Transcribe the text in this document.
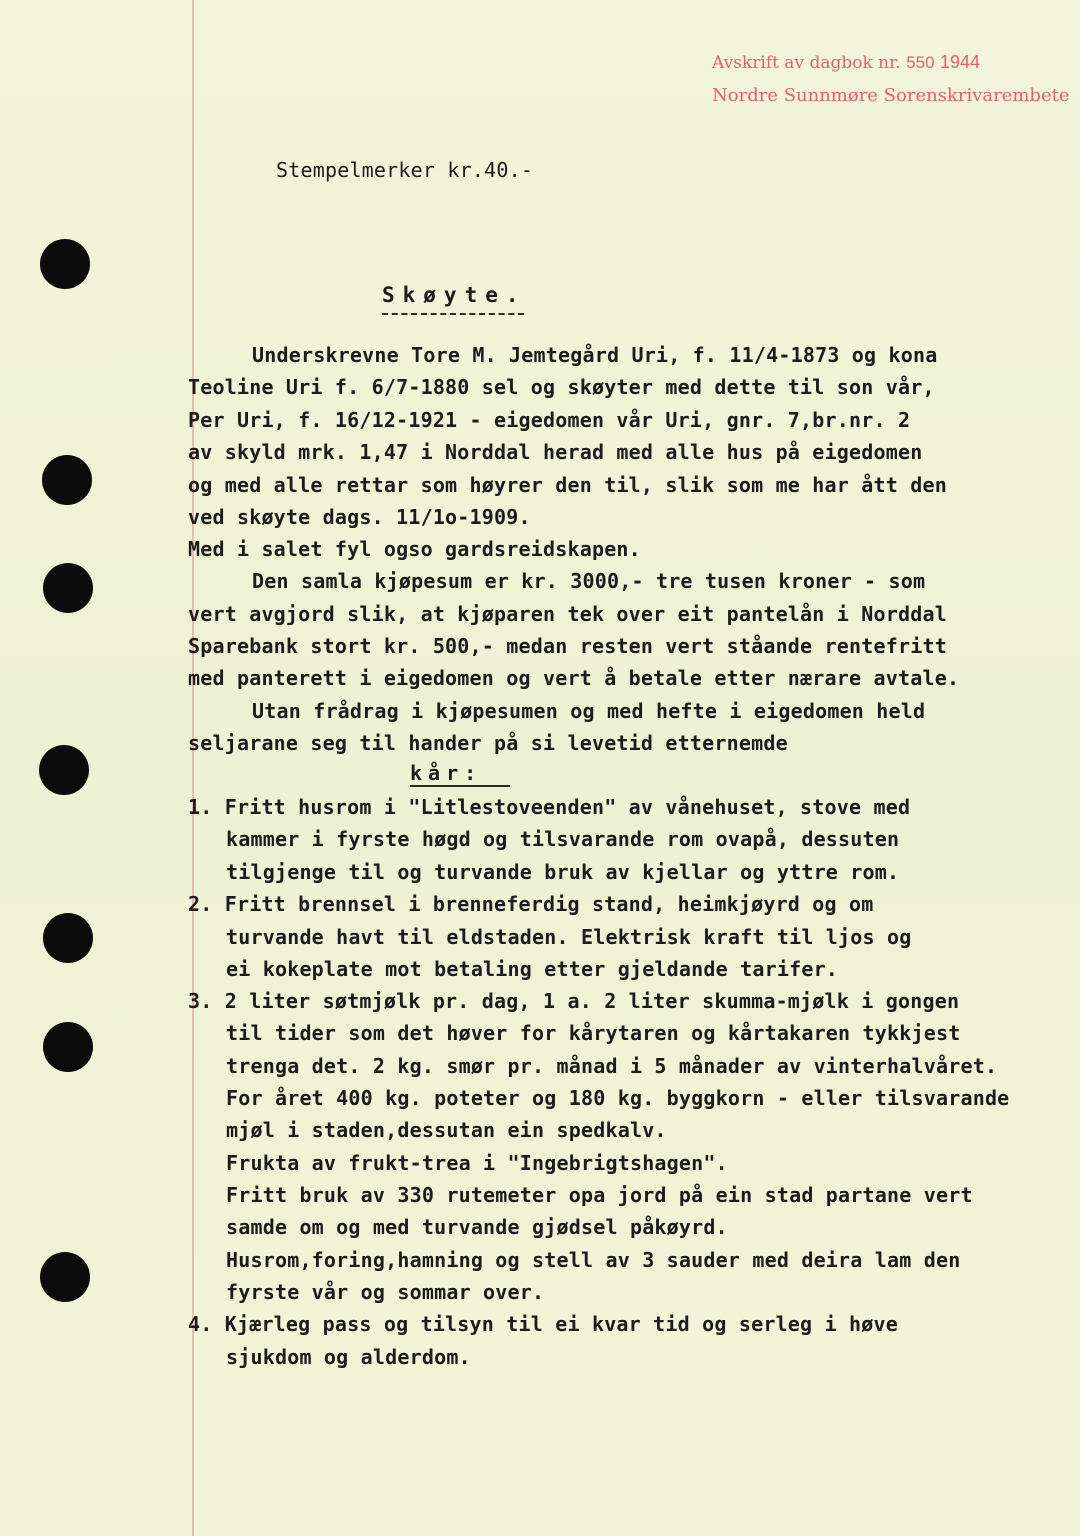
Avskrift av dagbok nr. 550 1944
Nordre Sunnmøre Sorenskrivarembete
Stempelmerker kr.40.-
Skøyte.
Underskrevne Tore M. Jemtegård Uri, f. 11/4-1873 og kona
Teoline Uri f. 6/7-1880 sel og skøyter med dette til son vår,
Per Uri, f. 16/12-1921 - eigedomen vår Uri, gnr. 7,br.nr. 2
av skyld mrk. 1,47 i Norddal herad med alle hus på eigedomen
og med alle rettar som høyrer den til, slik som me har ått den
ved skøyte dags. 11/1o-1909.
Med i salet fyl ogso gardsreidskapen.
Den samla kjøpesum er kr. 3000,- tre tusen kroner - som
vert avgjord slik, at kjøparen tek over eit pantelån i Norddal
Sparebank stort kr. 500,- medan resten vert ståande rentefritt
med panterett i eigedomen og vert å betale etter nærare avtale.
Utan frådrag i kjøpesumen og med hefte i eigedomen held
seljarane seg til hander på si levetid etternemde
kår:
1. Fritt husrom i "Litlestoveenden" av vånehuset, stove med
kammer i fyrste høgd og tilsvarande rom ovapå, dessuten
tilgjenge til og turvande bruk av kjellar og yttre rom.
2. Fritt brennsel i brenneferdig stand, heimkjøyrd og om
turvande havt til eldstaden. Elektrisk kraft til ljos og
ei kokeplate mot betaling etter gjeldande tarifer.
3. 2 liter søtmjølk pr. dag, 1 a. 2 liter skumma-mjølk i gongen
til tider som det høver for kårytaren og kårtakaren tykkjest
trenga det. 2 kg. smør pr. månad i 5 månader av vinterhalvåret.
For året 400 kg. poteter og 180 kg. byggkorn - eller tilsvarande
mjøl i staden,dessutan ein spedkalv.
Frukta av frukt-trea i "Ingebrigtshagen".
Fritt bruk av 330 rutemeter opa jord på ein stad partane vert
samde om og med turvande gjødsel påkøyrd.
Husrom,foring,hamning og stell av 3 sauder med deira lam den
fyrste vår og sommar over.
4. Kjærleg pass og tilsyn til ei kvar tid og serleg i høve
sjukdom og alderdom.
